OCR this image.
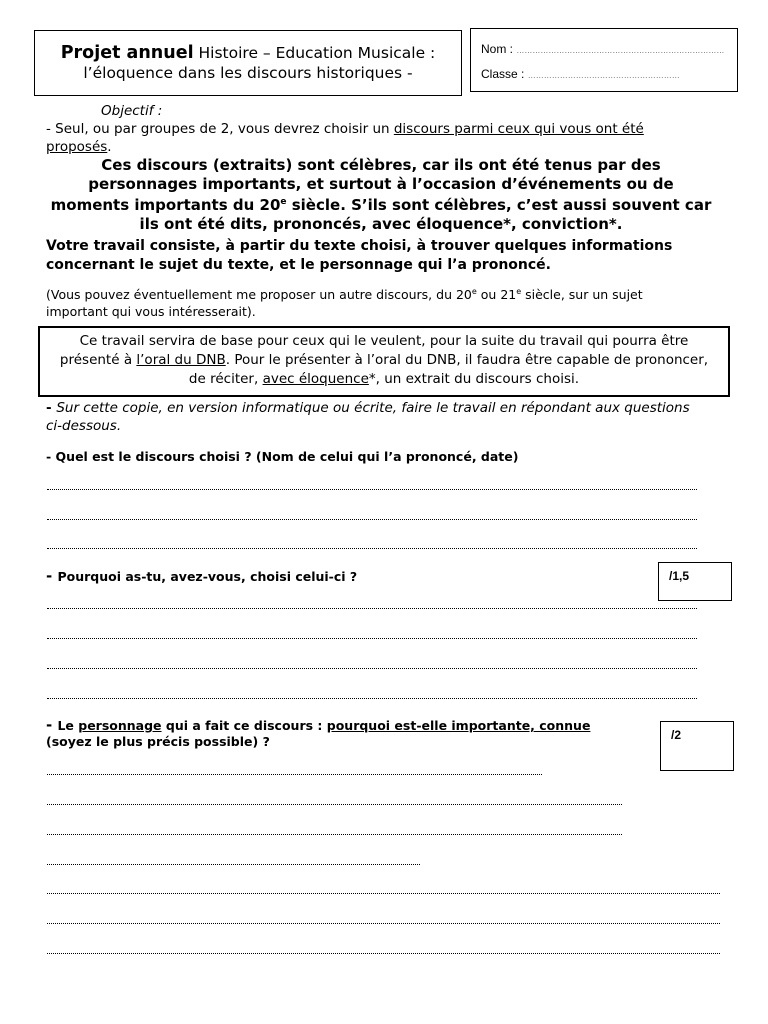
Projet annuel Histoire – Education Musicale :
l’éloquence dans les discours historiques -
Nom : ……………………………………………………………………
Classe : …………………………………………………
Objectif :
- Seul, ou par groupes de 2, vous devrez choisir un discours parmi ceux qui vous ont été proposés.
Ces discours (extraits) sont célèbres, car ils ont été tenus par des personnages importants, et surtout à l’occasion d’événements ou de moments importants du 20e siècle. S’ils sont célèbres, c’est aussi souvent car ils ont été dits, prononcés, avec éloquence*, conviction*.
Votre travail consiste, à partir du texte choisi, à trouver quelques informations concernant le sujet du texte, et le personnage qui l’a prononcé.
(Vous pouvez éventuellement me proposer un autre discours, du 20e ou 21e siècle, sur un sujet important qui vous intéresserait).
Ce travail servira de base pour ceux qui le veulent, pour la suite du travail qui pourra être présenté à l’oral du DNB. Pour le présenter à l’oral du DNB, il faudra être capable de prononcer, de réciter, avec éloquence*, un extrait du discours choisi.
- Sur cette copie, en version informatique ou écrite, faire le travail en répondant aux questions ci-dessous.
- Quel est le discours choisi ? (Nom de celui qui l’a prononcé, date)
- Pourquoi as-tu, avez-vous, choisi celui-ci ?	/1,5
- Le personnage qui a fait ce discours : pourquoi est-elle importante, connue
(soyez le plus précis possible) ?	/2
